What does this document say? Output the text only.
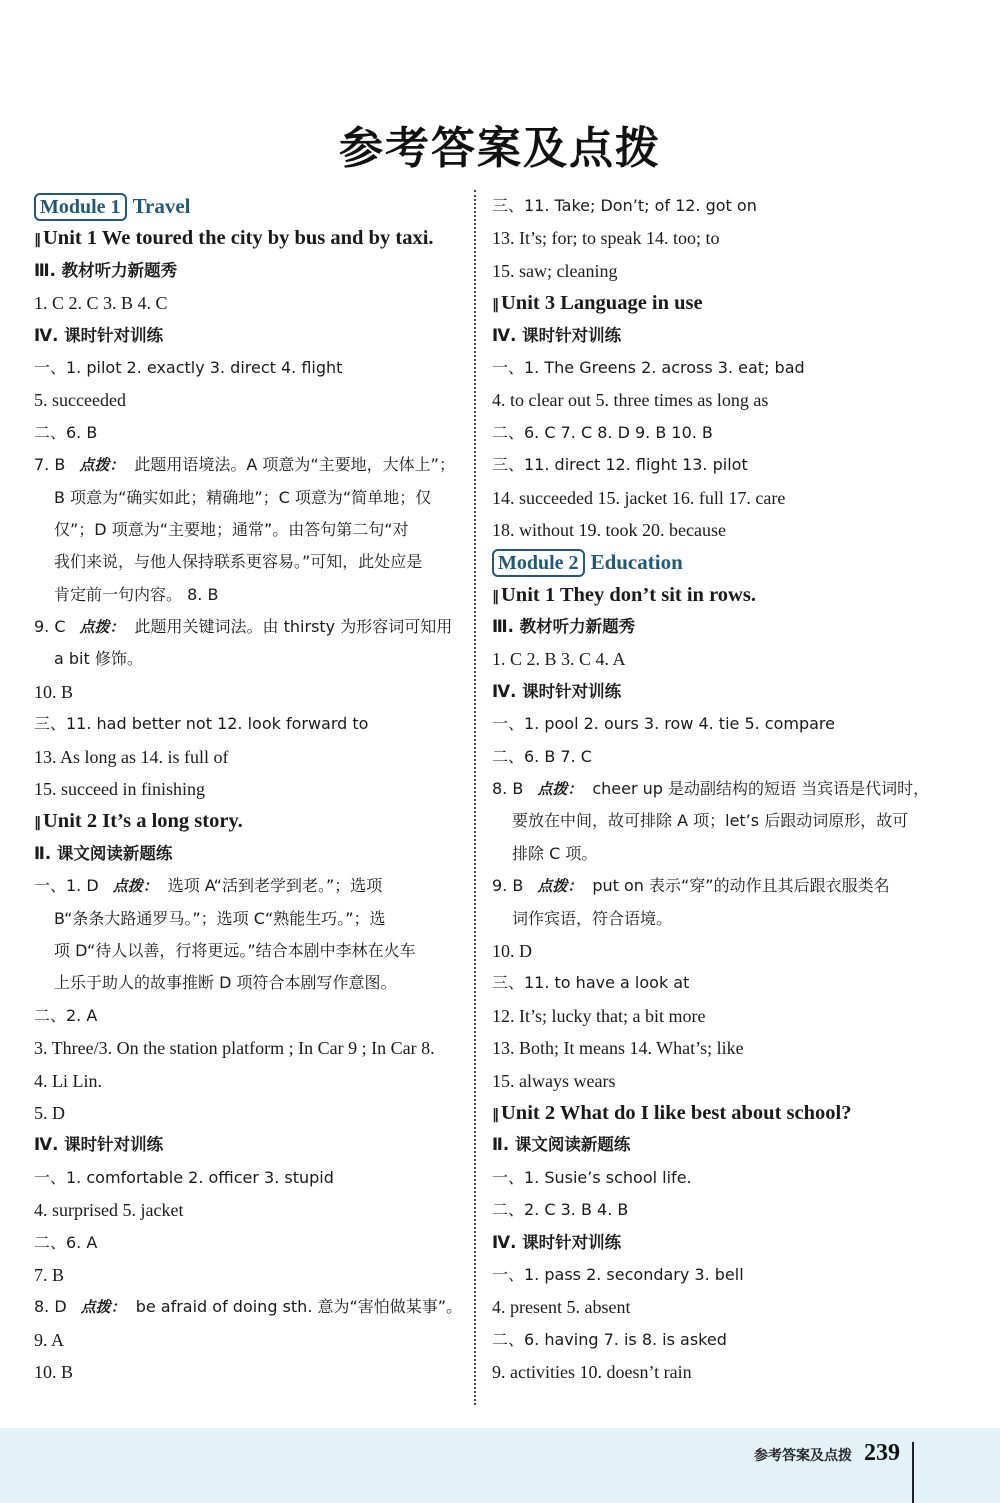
参考答案及点拨
Module 1 Travel
‖Unit 1 We toured the city by bus and by taxi.
Ⅲ. 教材听力新题秀
1. C 2. C 3. B 4. C
Ⅳ. 课时针对训练
一、1. pilot 2. exactly 3. direct 4. flight
5. succeeded
二、6. B
7. B 点拨： 此题用语境法。A 项意为“主要地，大体上”；
B 项意为“确实如此；精确地”；C 项意为“简单地；仅
仅”；D 项意为“主要地；通常”。由答句第二句“对
我们来说，与他人保持联系更容易。”可知，此处应是
肯定前一句内容。 8. B
9. C 点拨： 此题用关键词法。由 thirsty 为形容词可知用
a bit 修饰。
10. B
三、11. had better not 12. look forward to
13. As long as 14. is full of
15. succeed in finishing
‖Unit 2 It’s a long story.
Ⅱ. 课文阅读新题练
一、1. D 点拨： 选项 A“活到老学到老。”；选项
B“条条大路通罗马。”；选项 C“熟能生巧。”；选
项 D“待人以善，行将更远。”结合本剧中李林在火车
上乐于助人的故事推断 D 项符合本剧写作意图。
二、2. A
3. Three/3. On the station platform ; In Car 9 ; In Car 8.
4. Li Lin.
5. D
Ⅳ. 课时针对训练
一、1. comfortable 2. officer 3. stupid
4. surprised 5. jacket
二、6. A
7. B
8. D 点拨： be afraid of doing sth. 意为“害怕做某事”。
9. A
10. B
三、11. Take; Don’t; of 12. got on
13. It’s; for; to speak 14. too; to
15. saw; cleaning
‖Unit 3 Language in use
Ⅳ. 课时针对训练
一、1. The Greens 2. across 3. eat; bad
4. to clear out 5. three times as long as
二、6. C 7. C 8. D 9. B 10. B
三、11. direct 12. flight 13. pilot
14. succeeded 15. jacket 16. full 17. care
18. without 19. took 20. because
Module 2 Education
‖Unit 1 They don’t sit in rows.
Ⅲ. 教材听力新题秀
1. C 2. B 3. C 4. A
Ⅳ. 课时针对训练
一、1. pool 2. ours 3. row 4. tie 5. compare
二、6. B 7. C
8. B 点拨： cheer up 是动副结构的短语 当宾语是代词时，
要放在中间，故可排除 A 项；let’s 后跟动词原形，故可
排除 C 项。
9. B 点拨： put on 表示“穿”的动作且其后跟衣服类名
词作宾语，符合语境。
10. D
三、11. to have a look at
12. It’s; lucky that; a bit more
13. Both; It means 14. What’s; like
15. always wears
‖Unit 2 What do I like best about school?
Ⅱ. 课文阅读新题练
一、1. Susie’s school life.
二、2. C 3. B 4. B
Ⅳ. 课时针对训练
一、1. pass 2. secondary 3. bell
4. present 5. absent
二、6. having 7. is 8. is asked
9. activities 10. doesn’t rain
参考答案及点拨 239
